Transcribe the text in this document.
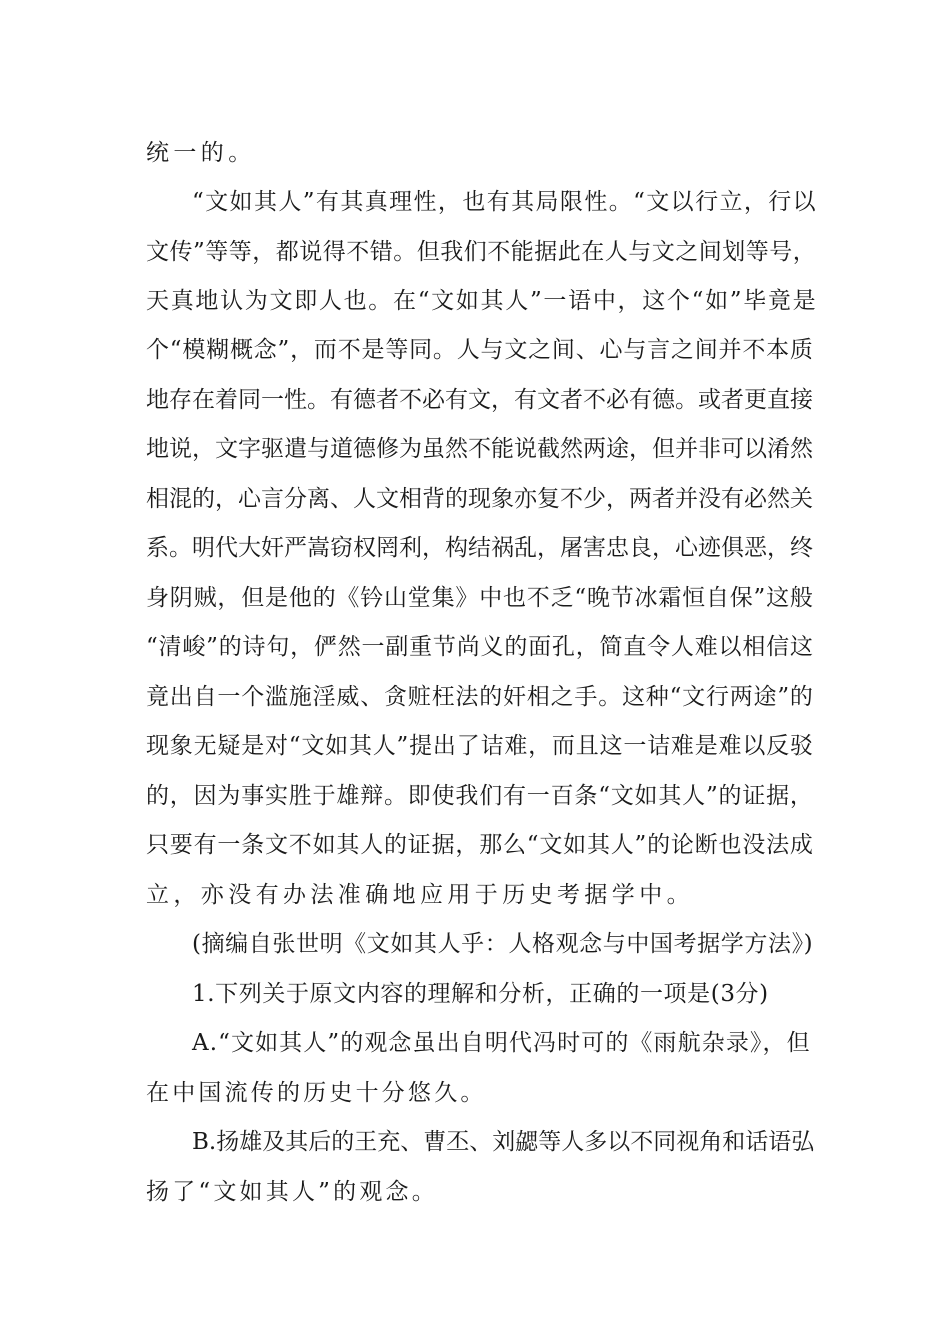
统一的。
“文如其人”有其真理性，也有其局限性。“文以行立，行以
文传”等等，都说得不错。但我们不能据此在人与文之间划等号，
天真地认为文即人也。在“文如其人”一语中，这个“如”毕竟是
个“模糊概念”，而不是等同。人与文之间、心与言之间并不本质
地存在着同一性。有德者不必有文，有文者不必有德。或者更直接
地说，文字驱遣与道德修为虽然不能说截然两途，但并非可以淆然
相混的，心言分离、人文相背的现象亦复不少，两者并没有必然关
系。明代大奸严嵩窃权罔利，构结祸乱，屠害忠良，心迹俱恶，终
身阴贼，但是他的《钤山堂集》中也不乏“晚节冰霜恒自保”这般
“清峻”的诗句，俨然一副重节尚义的面孔，简直令人难以相信这
竟出自一个滥施淫威、贪赃枉法的奸相之手。这种“文行两途”的
现象无疑是对“文如其人”提出了诘难，而且这一诘难是难以反驳
的，因为事实胜于雄辩。即使我们有一百条“文如其人”的证据，
只要有一条文不如其人的证据，那么“文如其人”的论断也没法成
立，亦没有办法准确地应用于历史考据学中。
(摘编自张世明《文如其人乎：人格观念与中国考据学方法》)
1.下列关于原文内容的理解和分析，正确的一项是(3分)
A.“文如其人”的观念虽出自明代冯时可的《雨航杂录》，但
在中国流传的历史十分悠久。
B.扬雄及其后的王充、曹丕、刘勰等人多以不同视角和话语弘
扬了“文如其人”的观念。
